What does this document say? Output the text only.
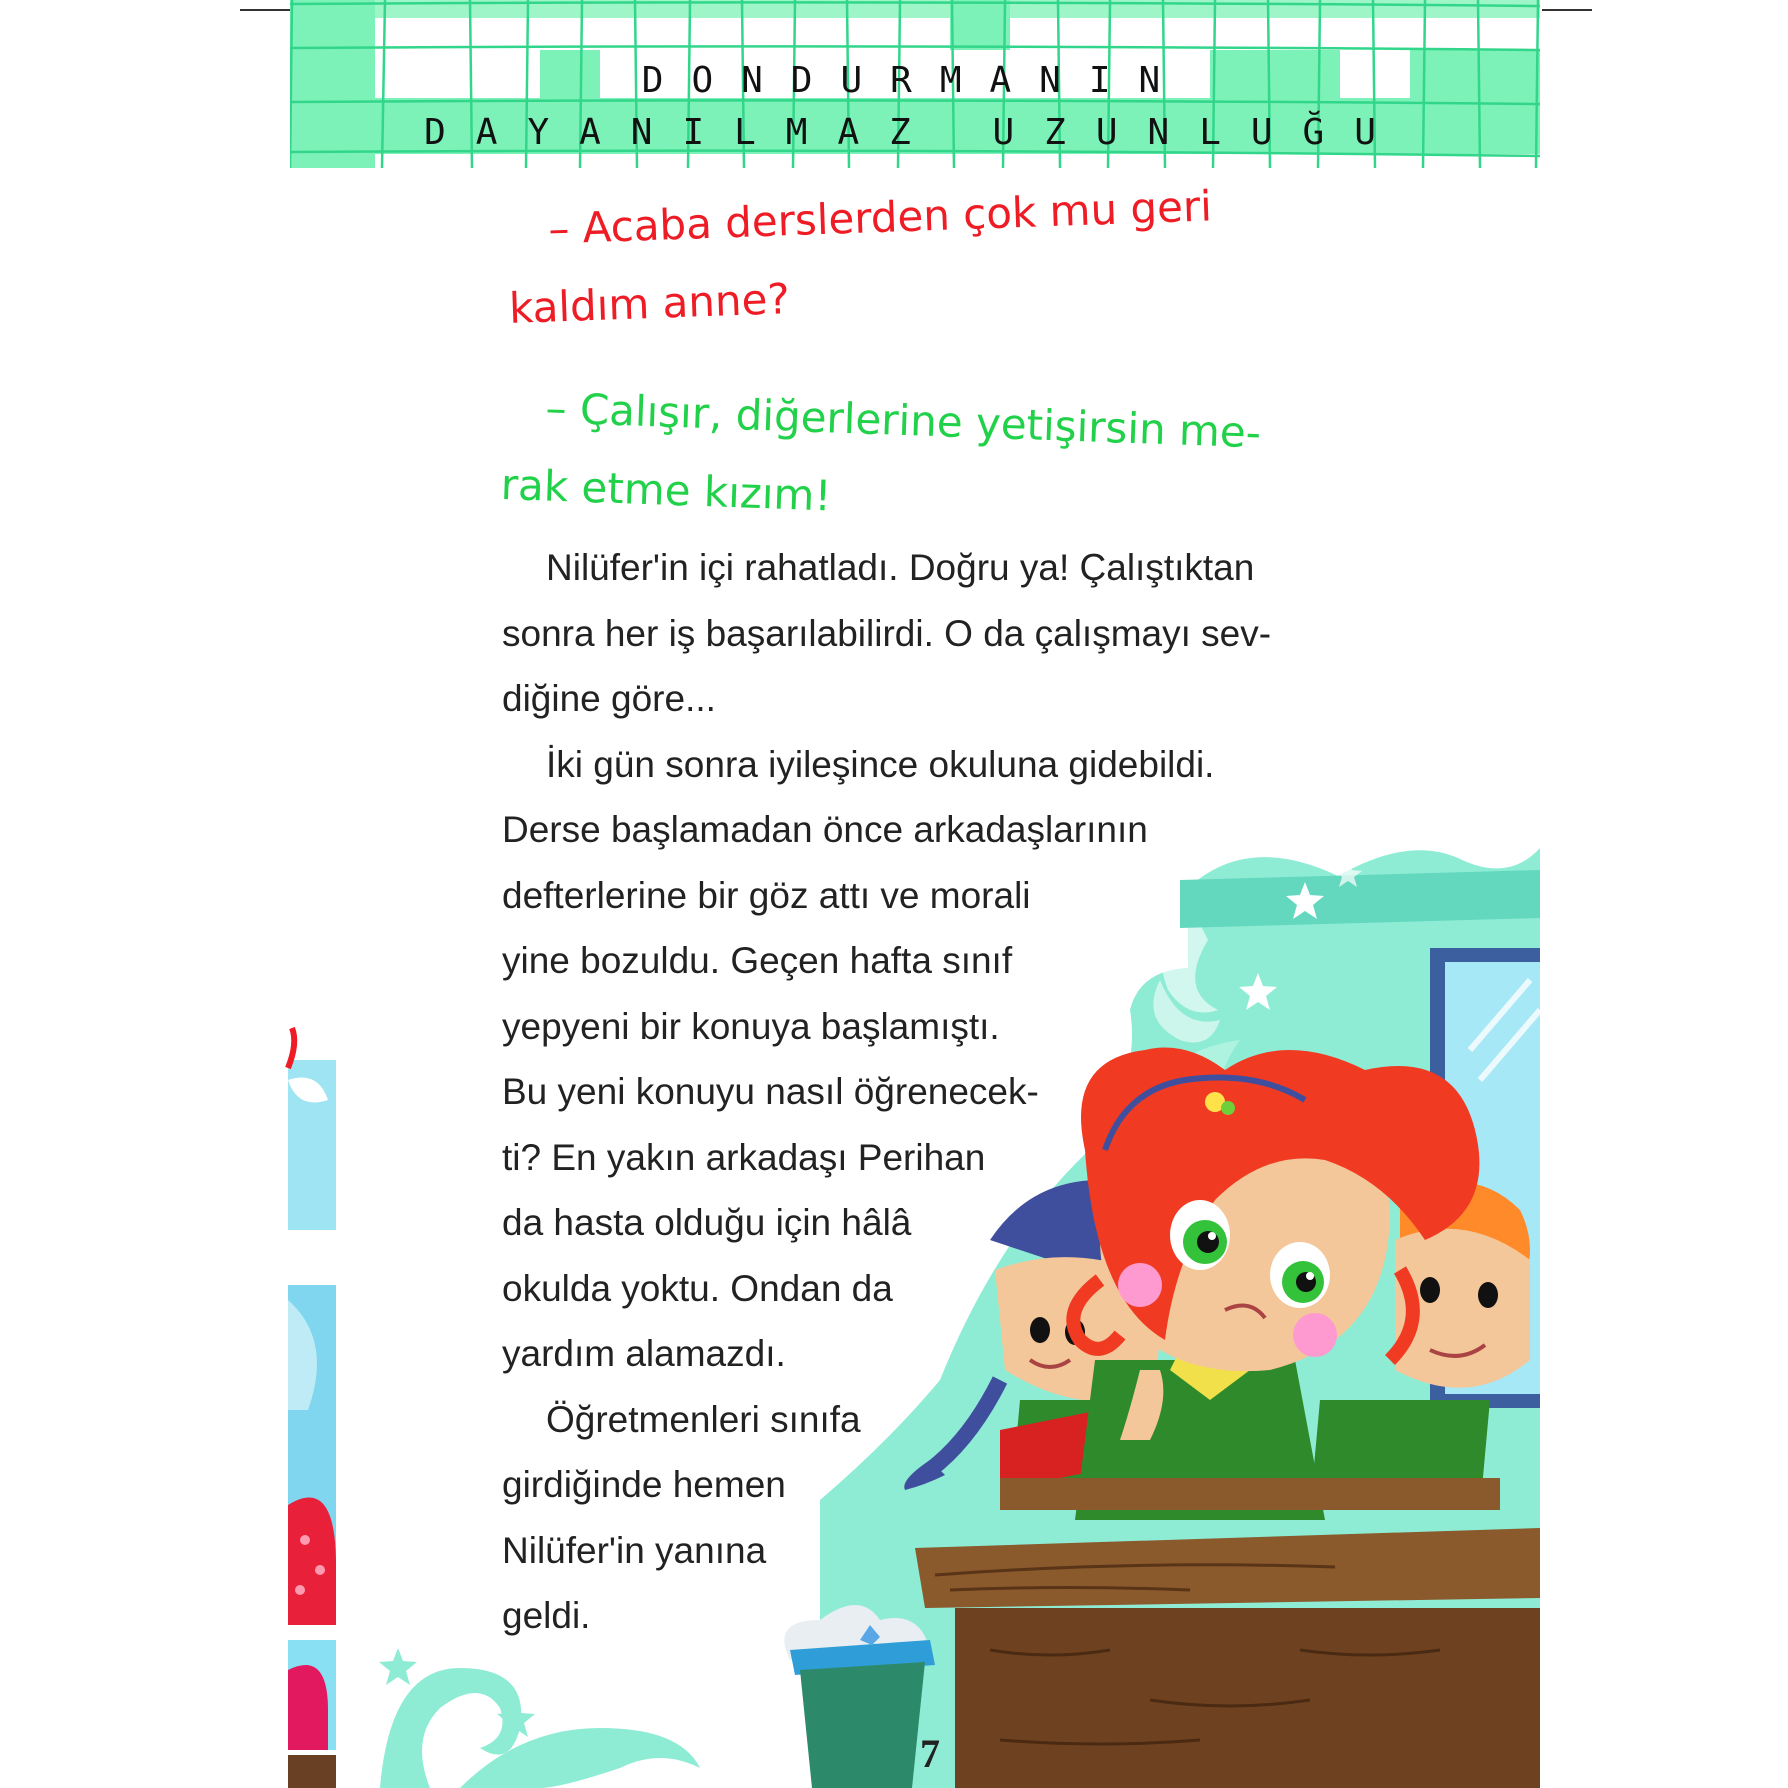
DONDURMANIN
DAYANILMAZ UZUNLUĞU
– Acaba derslerden çok mu geri
kaldım anne?
– Çalışır, diğerlerine yetişirsin me-
rak etme kızım!
Nilüfer'in içi rahatladı. Doğru ya! Çalıştıktan
sonra her iş başarılabilirdi. O da çalışmayı sev-
diğine göre...
İki gün sonra iyileşince okuluna gidebildi.
Derse başlamadan önce arkadaşlarının
defterlerine bir göz attı ve morali
yine bozuldu. Geçen hafta sınıf
yepyeni bir konuya başlamıştı.
Bu yeni konuyu nasıl öğrenecek-
ti? En yakın arkadaşı Perihan
da hasta olduğu için hâlâ
okulda yoktu. Ondan da
yardım alamazdı.
Öğretmenleri sınıfa
girdiğinde hemen
Nilüfer'in yanına
geldi.
7
